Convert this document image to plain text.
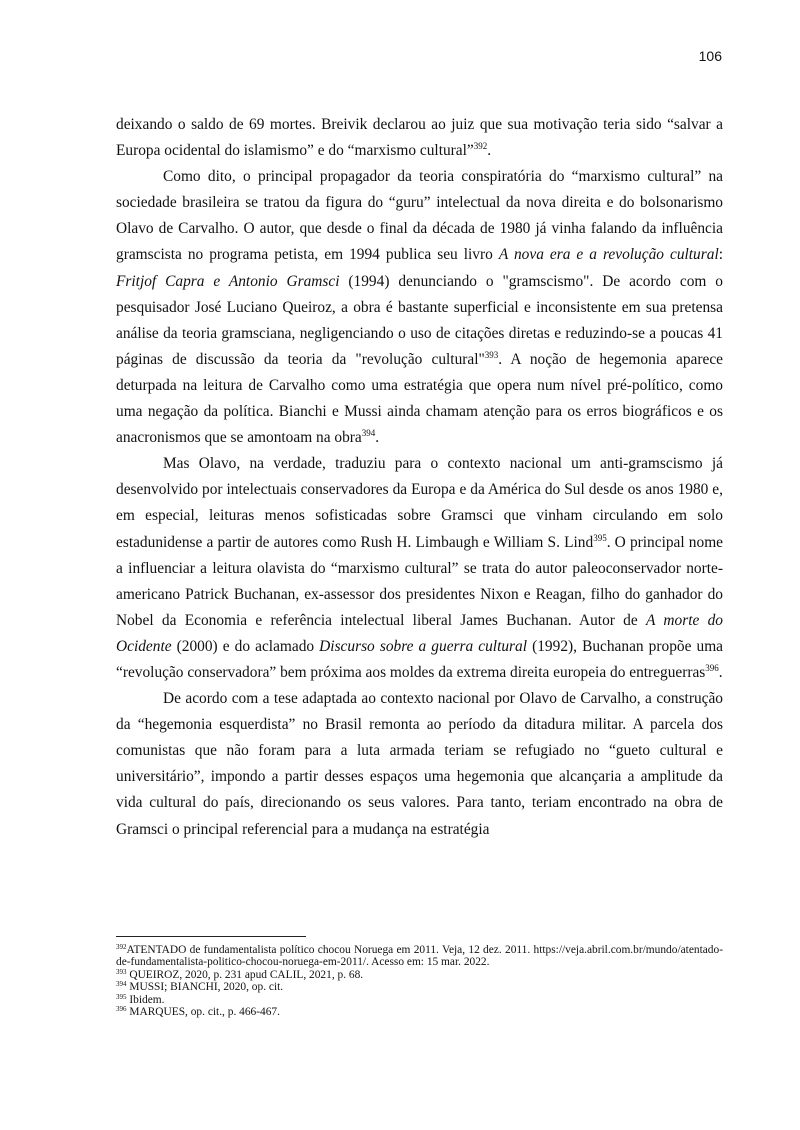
106

deixando o saldo de 69 mortes. Breivik declarou ao juiz que sua motivação teria sido “salvar a Europa ocidental do islamismo” e do “marxismo cultural”$^{392}$.

Como dito, o principal propagador da teoria conspiratória do “marxismo cultural” na sociedade brasileira se tratou da figura do “guru” intelectual da nova direita e do bolsonarismo Olavo de Carvalho. O autor, que desde o final da década de 1980 já vinha falando da influência gramscista no programa petista, em 1994 publica seu livro A nova era e a revolução cultural: Fritjof Capra e Antonio Gramsci (1994) denunciando o "gramscismo". De acordo com o pesquisador José Luciano Queiroz, a obra é bastante superficial e inconsistente em sua pretensa análise da teoria gramsciana, negligenciando o uso de citações diretas e reduzindo-se a poucas 41 páginas de discussão da teoria da "revolução cultural"$^{393}$. A noção de hegemonia aparece deturpada na leitura de Carvalho como uma estratégia que opera num nível pré-político, como uma negação da política. Bianchi e Mussi ainda chamam atenção para os erros biográficos e os anacronismos que se amontoam na obra$^{394}$.

Mas Olavo, na verdade, traduziu para o contexto nacional um anti-gramscismo já desenvolvido por intelectuais conservadores da Europa e da América do Sul desde os anos 1980 e, em especial, leituras menos sofisticadas sobre Gramsci que vinham circulando em solo estadunidense a partir de autores como Rush H. Limbaugh e William S. Lind$^{395}$. O principal nome a influenciar a leitura olavista do “marxismo cultural” se trata do autor paleoconservador norte-americano Patrick Buchanan, ex-assessor dos presidentes Nixon e Reagan, filho do ganhador do Nobel da Economia e referência intelectual liberal James Buchanan. Autor de A morte do Ocidente (2000) e do aclamado Discurso sobre a guerra cultural (1992), Buchanan propõe uma “revolução conservadora” bem próxima aos moldes da extrema direita europeia do entreguerras$^{396}$.

De acordo com a tese adaptada ao contexto nacional por Olavo de Carvalho, a construção da “hegemonia esquerdista” no Brasil remonta ao período da ditadura militar. A parcela dos comunistas que não foram para a luta armada teriam se refugiado no “gueto cultural e universitário”, impondo a partir desses espaços uma hegemonia que alcançaria a amplitude da vida cultural do país, direcionando os seus valores. Para tanto, teriam encontrado na obra de Gramsci o principal referencial para a mudança na estratégia

$^{392}$ATENTADO de fundamentalista político chocou Noruega em 2011. Veja, 12 dez. 2011. https://veja.abril.com.br/mundo/atentado-de-fundamentalista-politico-chocou-noruega-em-2011/. Acesso em: 15 mar. 2022.
$^{393}$ QUEIROZ, 2020, p. 231 apud CALIL, 2021, p. 68.
$^{394}$ MUSSI; BIANCHI, 2020, op. cit.
$^{395}$ Ibidem.
$^{396}$ MARQUES, op. cit., p. 466-467.
